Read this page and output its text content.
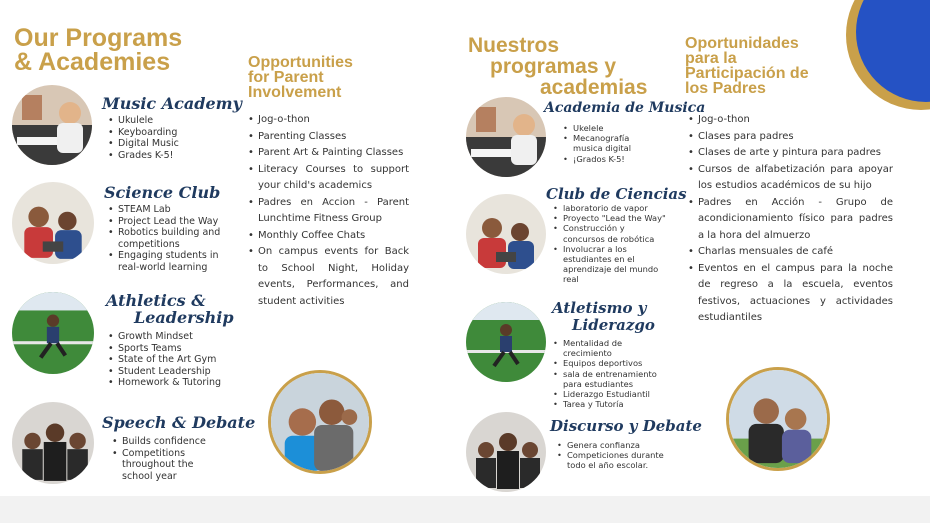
Our Programs
& Academies
Music Academy
• Ukulele
• Keyboarding
• Digital Music
• Grades K-5!
Science Club
• STEAM Lab
• Project Lead the Way
• Robotics building and competitions
• Engaging students in real-world learning
Athletics &
Leadership
• Growth Mindset
• Sports Teams
• State of the Art Gym
• Student Leadership
• Homework & Tutoring
Speech & Debate
• Builds confidence
• Competitions throughout the school year
Opportunities
for Parent
Involvement
• Jog-o-thon
• Parenting Classes
• Parent Art & Painting Classes
• Literacy Courses to support your child's academics
• Padres en Accion - Parent Lunchtime Fitness Group
• Monthly Coffee Chats
• On campus events for Back to School Night, Holiday events, Performances, and student activities
Nuestros
programas y
academias
Academia de Musica
• Ukelele
• Mecanografía musica digital
• ¡Grados K-5!
Club de Ciencias
• laboratorio de vapor
• Proyecto "Lead the Way"
• Construcción y concursos de robótica
• Involucrar a los estudiantes en el aprendizaje del mundo real
Atletismo y
Liderazgo
• Mentalidad de crecimiento
• Equipos deportivos
• sala de entrenamiento para estudiantes
• Liderazgo Estudiantil
• Tarea y Tutoría
Discurso y Debate
• Genera confianza
• Competiciones durante todo el año escolar.
Oportunidades
para la
Participación de
los Padres
• Jog-o-thon
• Clases para padres
• Clases de arte y pintura para padres
• Cursos de alfabetización para apoyar los estudios académicos de su hijo
• Padres en Acción - Grupo de acondicionamiento físico para padres a la hora del almuerzo
• Charlas mensuales de café
• Eventos en el campus para la noche de regreso a la escuela, eventos festivos, actuaciones y actividades estudiantiles
